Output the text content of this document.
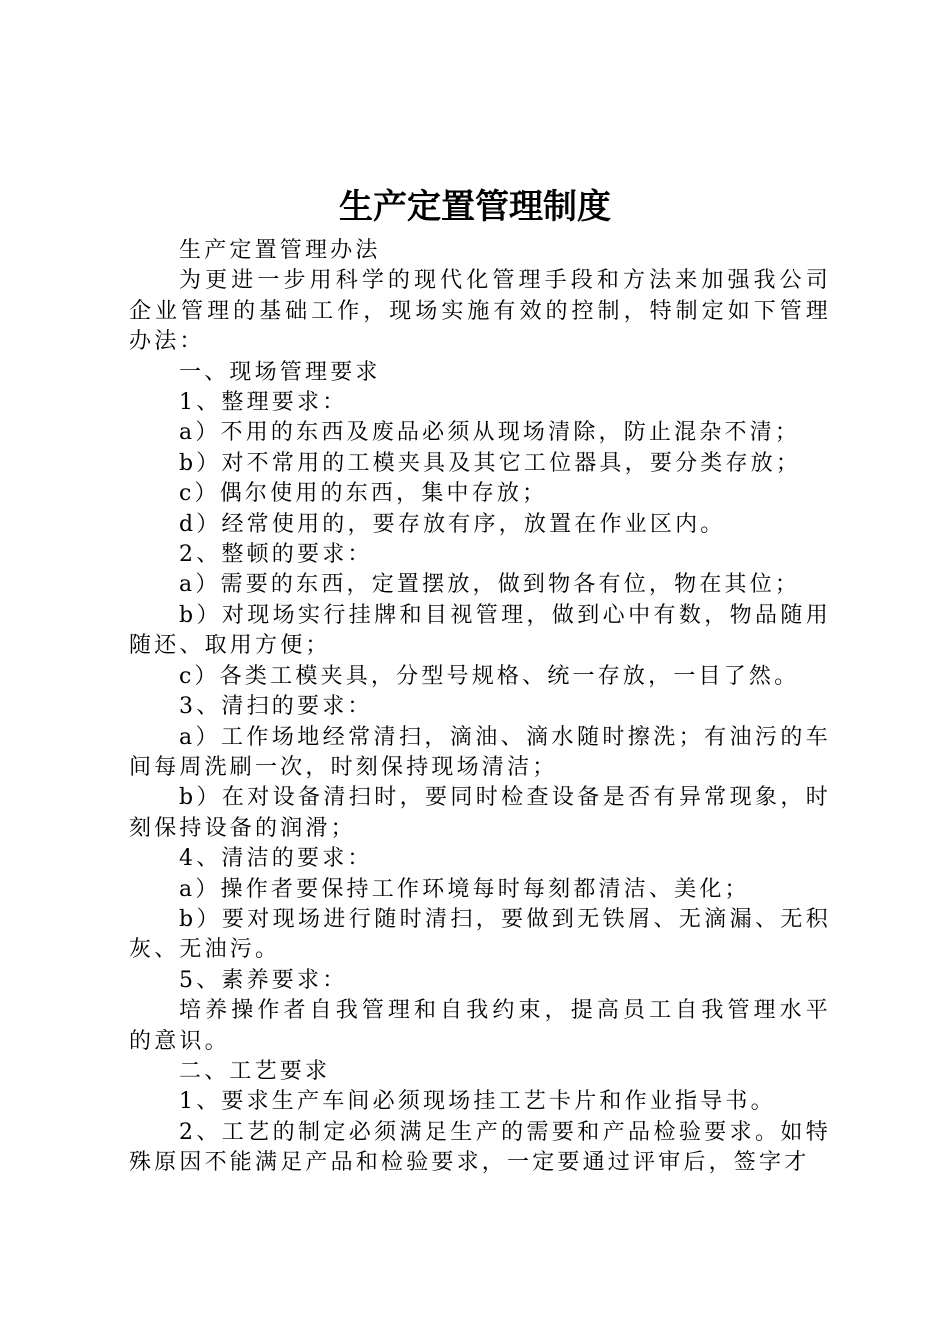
生产定置管理制度

生产定置管理办法

为更进一步用科学的现代化管理手段和方法来加强我公司企业管理的基础工作，现场实施有效的控制，特制定如下管理办法：

一、现场管理要求

1、整理要求：

a）不用的东西及废品必须从现场清除，防止混杂不清；

b）对不常用的工模夹具及其它工位器具，要分类存放；

c）偶尔使用的东西，集中存放；

d）经常使用的，要存放有序，放置在作业区内。

2、整顿的要求：

a）需要的东西，定置摆放，做到物各有位，物在其位；

b）对现场实行挂牌和目视管理，做到心中有数，物品随用随还、取用方便；

c）各类工模夹具，分型号规格、统一存放，一目了然。

3、清扫的要求：

a）工作场地经常清扫，滴油、滴水随时擦洗；有油污的车间每周洗刷一次，时刻保持现场清洁；

b）在对设备清扫时，要同时检查设备是否有异常现象，时刻保持设备的润滑；

4、清洁的要求：

a）操作者要保持工作环境每时每刻都清洁、美化；

b）要对现场进行随时清扫，要做到无铁屑、无滴漏、无积灰、无油污。

5、素养要求：

培养操作者自我管理和自我约束，提高员工自我管理水平的意识。

二、工艺要求

1、要求生产车间必须现场挂工艺卡片和作业指导书。

2、工艺的制定必须满足生产的需要和产品检验要求。如特殊原因不能满足产品和检验要求，一定要通过评审后，签字才
